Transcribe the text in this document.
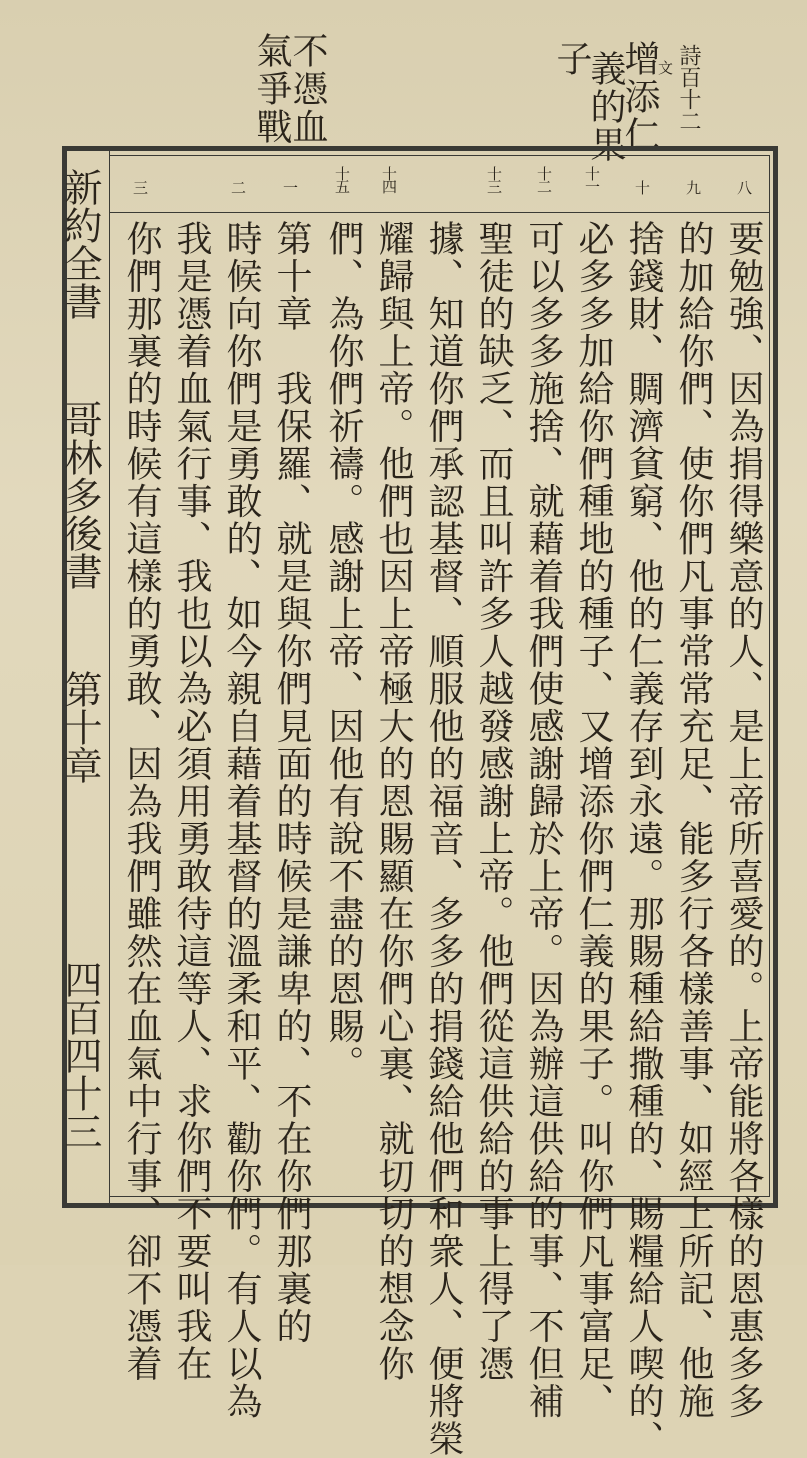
詩百十二
文
增添仁
義的果
子
不憑血
氣爭戰
八
九
十
十一
十二
十三
十四
十五
一
二
三
要勉強、因為捐得樂意的人、是上帝所喜愛的。上帝能將各樣的恩惠多多
的加給你們、使你們凡事常常充足、能多行各樣善事、如經上所記、他施
捨錢財、賙濟貧窮、他的仁義存到永遠。那賜種給撒種的、賜糧給人喫的、
必多多加給你們種地的種子、又增添你們仁義的果子。叫你們凡事富足、
可以多多施捨、就藉着我們使感謝歸於上帝。因為辦這供給的事、不但補
聖徒的缺乏、而且叫許多人越發感謝上帝。他們從這供給的事上得了憑
據、知道你們承認基督、順服他的福音、多多的捐錢給他們和衆人、便將榮
耀歸與上帝。他們也因上帝極大的恩賜顯在你們心裏、就切切的想念你
們、為你們祈禱。感謝上帝、因他有說不盡的恩賜。
第十章　我保羅、就是與你們見面的時候是謙卑的、不在你們那裏的
時候向你們是勇敢的、如今親自藉着基督的溫柔和平、勸你們。有人以為
我是憑着血氣行事、我也以為必須用勇敢待這等人、求你們不要叫我在
你們那裏的時候有這樣的勇敢、因為我們雖然在血氣中行事、卻不憑着
新約全書
哥林多後書
第十章
四百四十三
